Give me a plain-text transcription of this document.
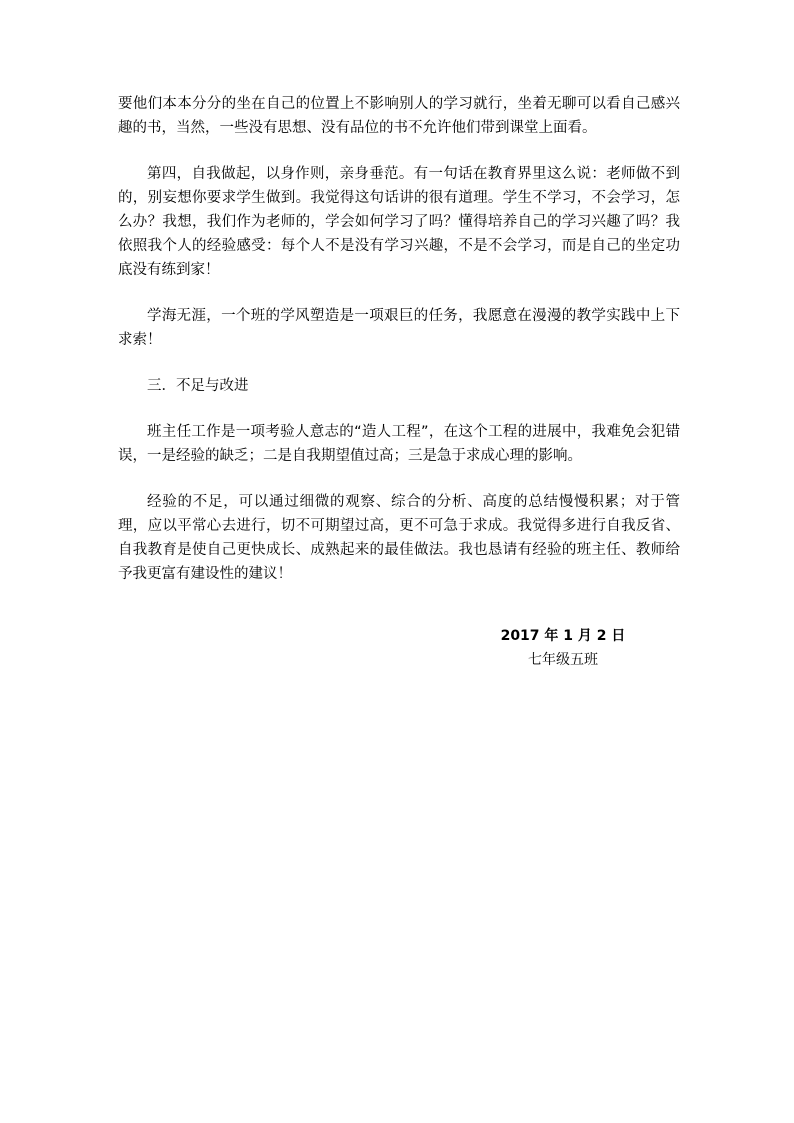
要他们本本分分的坐在自己的位置上不影响别人的学习就行，坐着无聊可以看自己感兴趣的书，当然，一些没有思想、没有品位的书不允许他们带到课堂上面看。

第四，自我做起，以身作则，亲身垂范。有一句话在教育界里这么说：老师做不到的，别妄想你要求学生做到。我觉得这句话讲的很有道理。学生不学习，不会学习，怎么办？我想，我们作为老师的，学会如何学习了吗？懂得培养自己的学习兴趣了吗？我依照我个人的经验感受：每个人不是没有学习兴趣，不是不会学习，而是自己的坐定功底没有练到家！

学海无涯，一个班的学风塑造是一项艰巨的任务，我愿意在漫漫的教学实践中上下求索！

三．不足与改进

班主任工作是一项考验人意志的“造人工程”，在这个工程的进展中，我难免会犯错误，一是经验的缺乏；二是自我期望值过高；三是急于求成心理的影响。

经验的不足，可以通过细微的观察、综合的分析、高度的总结慢慢积累；对于管理，应以平常心去进行，切不可期望过高，更不可急于求成。我觉得多进行自我反省、自我教育是使自己更快成长、成熟起来的最佳做法。我也恳请有经验的班主任、教师给予我更富有建设性的建议！

2017 年 1 月 2 日
七年级五班
